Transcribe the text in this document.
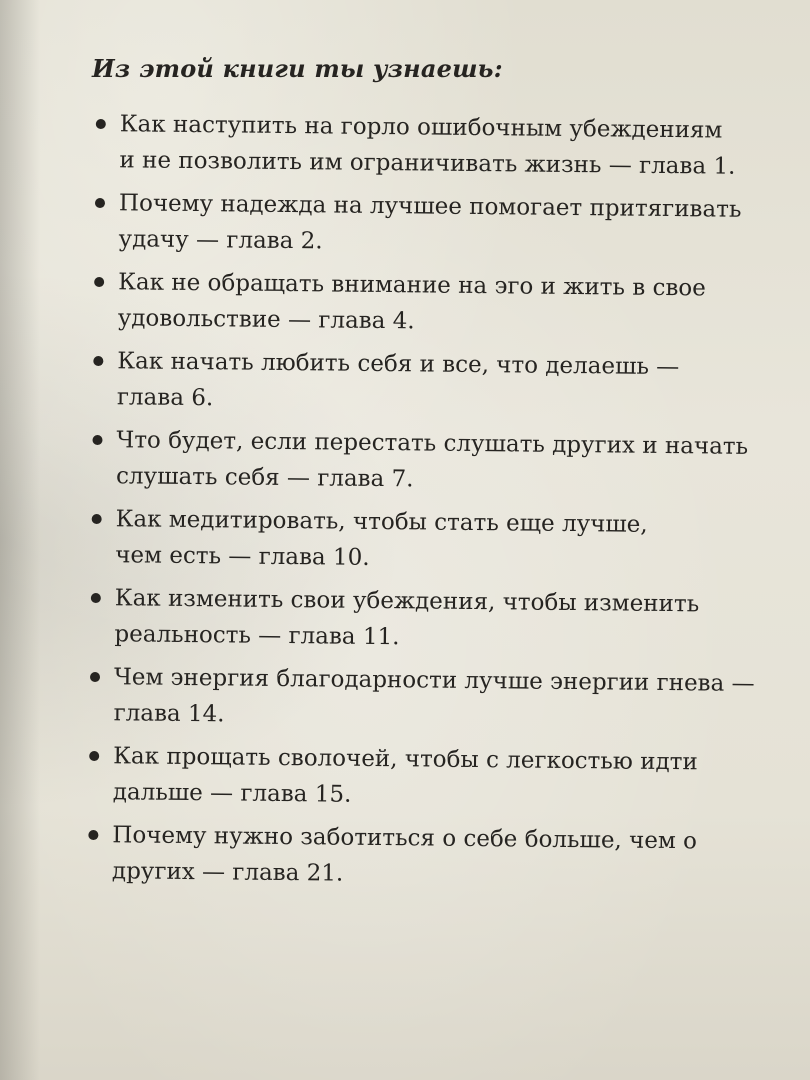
Из этой книги ты узнаешь:

Как наступить на горло ошибочным убеждениям
и не позволить им ограничивать жизнь — глава 1.
Почему надежда на лучшее помогает притягивать
удачу — глава 2.
Как не обращать внимание на эго и жить в свое
удовольствие — глава 4.
Как начать любить себя и все, что делаешь —
глава 6.
Что будет, если перестать слушать других и начать
слушать себя — глава 7.
Как медитировать, чтобы стать еще лучше,
чем есть — глава 10.
Как изменить свои убеждения, чтобы изменить
реальность — глава 11.
Чем энергия благодарности лучше энергии гнева —
глава 14.
Как прощать сволочей, чтобы с легкостью идти
дальше — глава 15.
Почему нужно заботиться о себе больше, чем о
других — глава 21.
